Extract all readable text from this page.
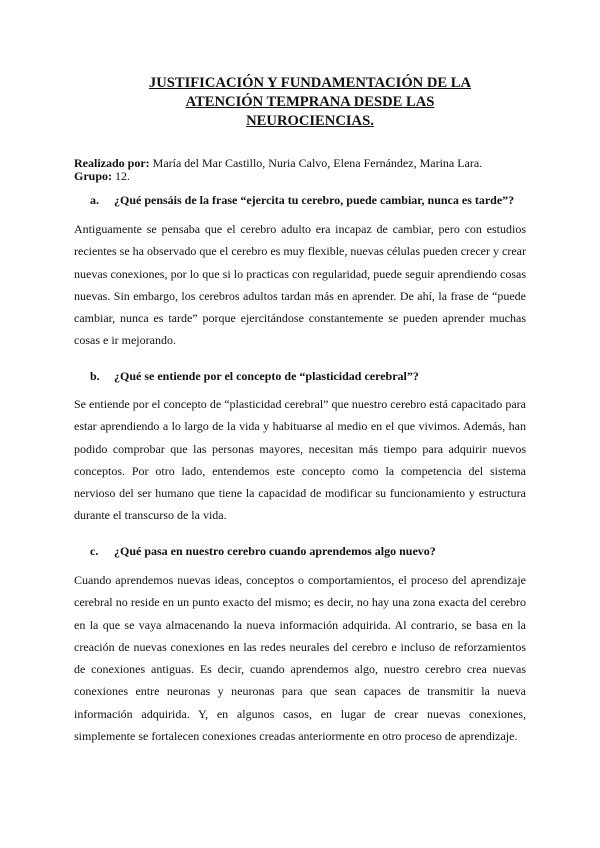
JUSTIFICACIÓN Y FUNDAMENTACIÓN DE LA
ATENCIÓN TEMPRANA DESDE LAS
NEUROCIENCIAS.
Realizado por: María del Mar Castillo, Nuria Calvo, Elena Fernández, Marina Lara.
Grupo: 12.
a. ¿Qué pensáis de la frase “ejercita tu cerebro, puede cambiar, nunca es tarde”?
Antiguamente se pensaba que el cerebro adulto era incapaz de cambiar, pero con estudios recientes se ha observado que el cerebro es muy flexible, nuevas células pueden crecer y crear nuevas conexiones, por lo que si lo practicas con regularidad, puede seguir aprendiendo cosas nuevas. Sin embargo, los cerebros adultos tardan más en aprender. De ahí, la frase de “puede cambiar, nunca es tarde” porque ejercitándose constantemente se pueden aprender muchas cosas e ir mejorando.
b. ¿Qué se entiende por el concepto de “plasticidad cerebral”?
Se entiende por el concepto de “plasticidad cerebral” que nuestro cerebro está capacitado para estar aprendiendo a lo largo de la vida y habituarse al medio en el que vivimos. Además, han podido comprobar que las personas mayores, necesitan más tiempo para adquirir nuevos conceptos. Por otro lado, entendemos este concepto como la competencia del sistema nervioso del ser humano que tiene la capacidad de modificar su funcionamiento y estructura durante el transcurso de la vida.
c. ¿Qué pasa en nuestro cerebro cuando aprendemos algo nuevo?
Cuando aprendemos nuevas ideas, conceptos o comportamientos, el proceso del aprendizaje cerebral no reside en un punto exacto del mismo; es decir, no hay una zona exacta del cerebro en la que se vaya almacenando la nueva información adquirida. Al contrario, se basa en la creación de nuevas conexiones en las redes neurales del cerebro e incluso de reforzamientos de conexiones antiguas. Es decir, cuando aprendemos algo, nuestro cerebro crea nuevas conexiones entre neuronas y neuronas para que sean capaces de transmitir la nueva información adquirida. Y, en algunos casos, en lugar de crear nuevas conexiones, simplemente se fortalecen conexiones creadas anteriormente en otro proceso de aprendizaje.
